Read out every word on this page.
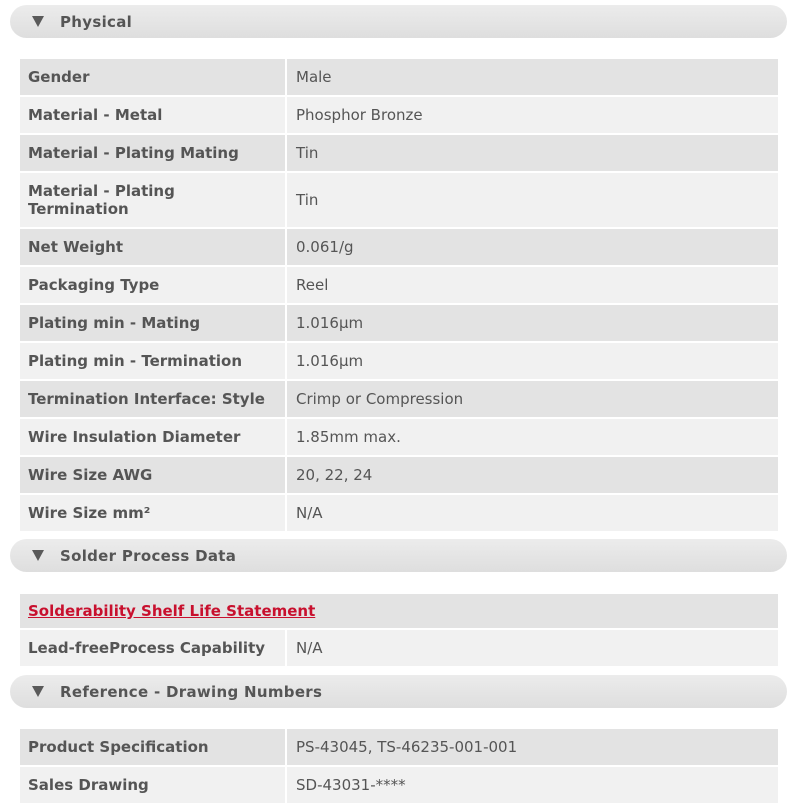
Physical
Gender	Male
Material - Metal	Phosphor Bronze
Material - Plating Mating	Tin
Material - Plating Termination	Tin
Net Weight	0.061/g
Packaging Type	Reel
Plating min - Mating	1.016µm
Plating min - Termination	1.016µm
Termination Interface: Style	Crimp or Compression
Wire Insulation Diameter	1.85mm max.
Wire Size AWG	20, 22, 24
Wire Size mm²	N/A
Solder Process Data
Solderability Shelf Life Statement
Lead-freeProcess Capability	N/A
Reference - Drawing Numbers
Product Specification	PS-43045, TS-46235-001-001
Sales Drawing	SD-43031-****
